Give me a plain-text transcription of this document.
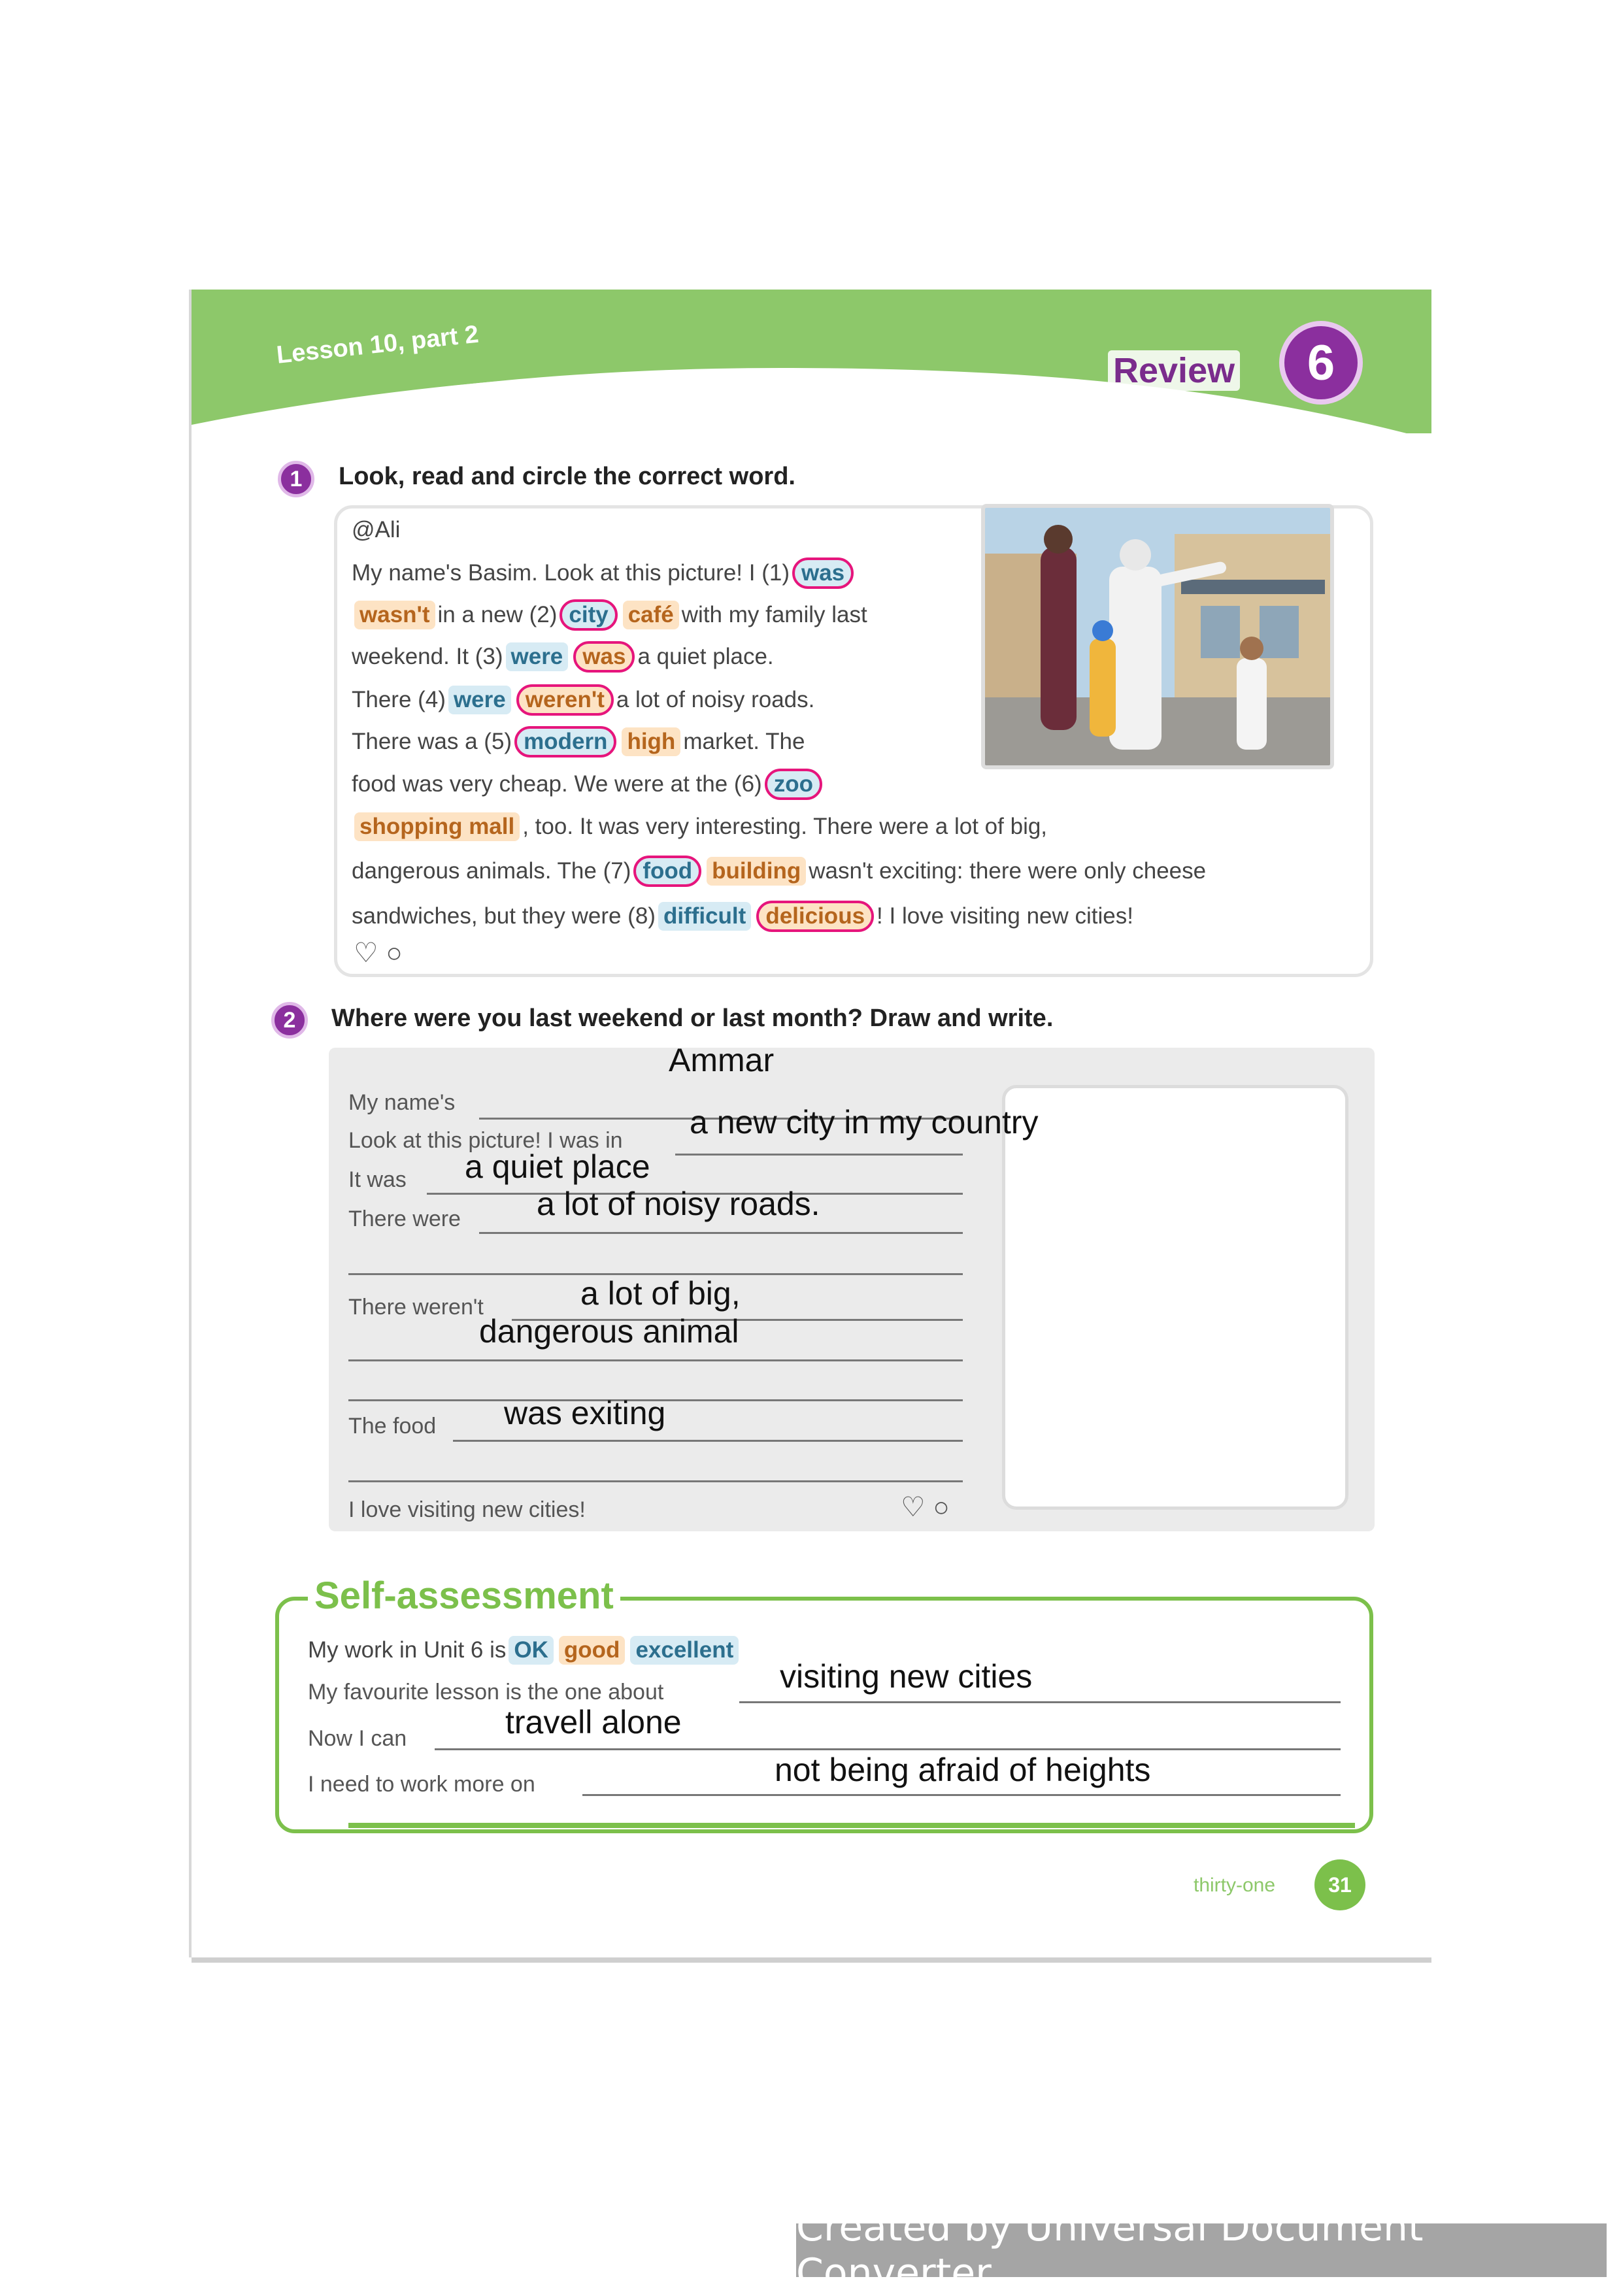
Lesson 10, part 2
Review	6
1	Look, read and circle the correct word.
@Ali
My name's Basim. Look at this picture! I (1) was
wasn't in a new (2) city café with my family last
weekend. It (3) were was a quiet place.
There (4) were weren't a lot of noisy roads.
There was a (5) modern high market. The
food was very cheap. We were at the (6) zoo
shopping mall , too. It was very interesting. There were a lot of big,
dangerous animals. The (7) food building wasn't exciting: there were only cheese
sandwiches, but they were (8) difficult delicious ! I love visiting new cities!
♡ ○
2	Where were you last weekend or last month? Draw and write.
My name's
Ammar
Look at this picture! I was in a new city in my country
It was a quiet place
There were a lot of noisy roads.
There weren't	a lot of big,
dangerous animal
The food was exiting
I love visiting new cities!	♡ ○
Self-assessment
My work in Unit 6 is OK good excellent
My favourite lesson is the one about	visiting new cities
Now I can	travell alone
I need to work more on	not being afraid of heights
thirty-one	31
Created by Universal Document Converter
